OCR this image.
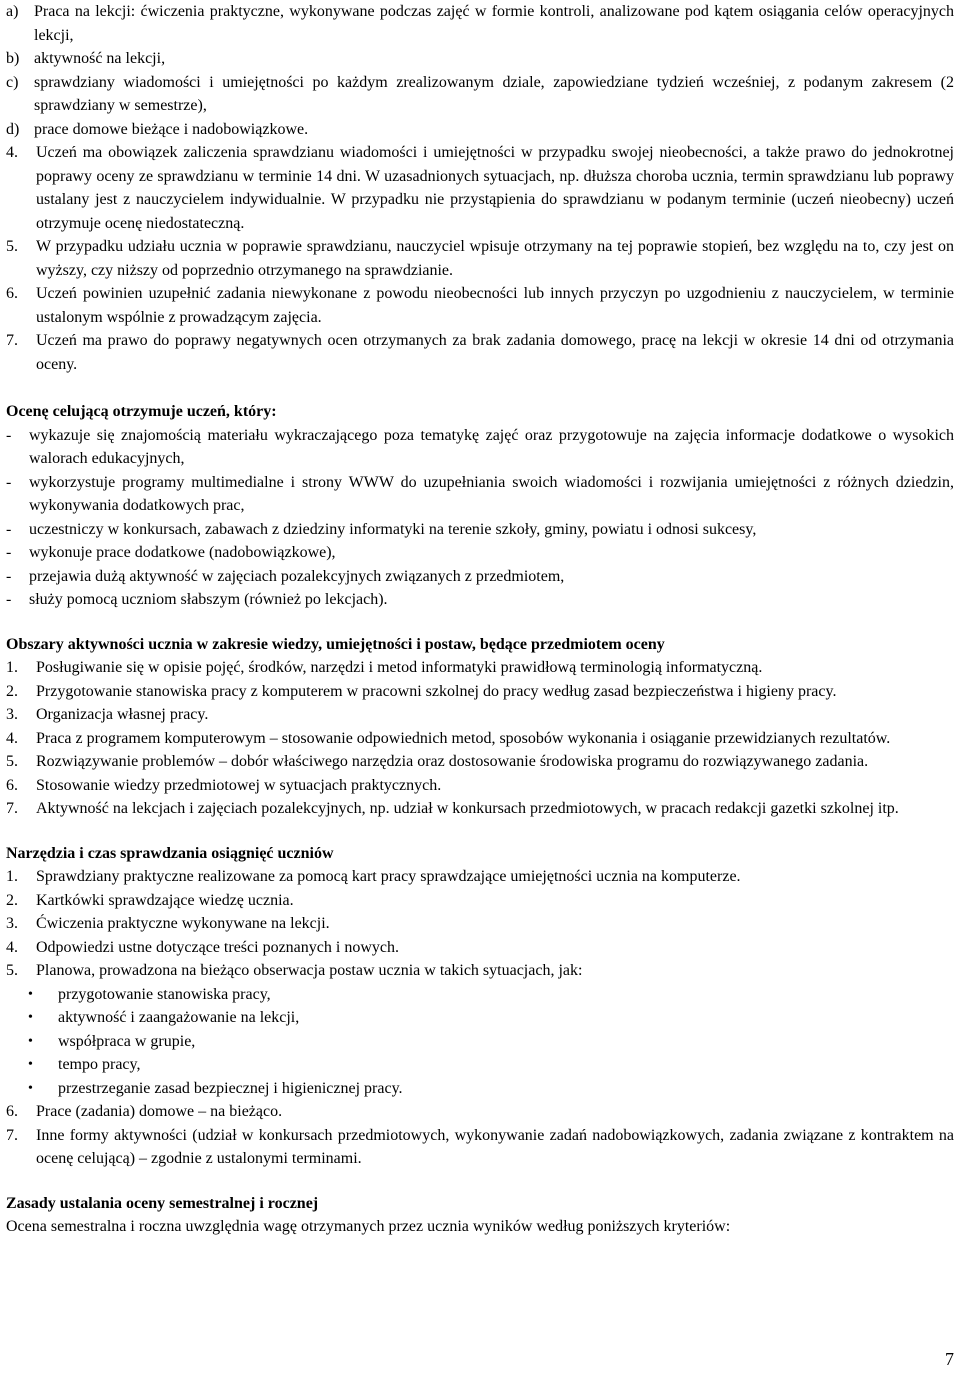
a) Praca na lekcji: ćwiczenia praktyczne, wykonywane podczas zajęć w formie kontroli, analizowane pod kątem osiągania celów operacyjnych lekcji,
b) aktywność na lekcji,
c) sprawdziany wiadomości i umiejętności po każdym zrealizowanym dziale, zapowiedziane tydzień wcześniej, z podanym zakresem (2 sprawdziany w semestrze),
d) prace domowe bieżące i nadobowiązkowe.
4.	Uczeń ma obowiązek zaliczenia sprawdzianu wiadomości i umiejętności w przypadku swojej nieobecności, a także prawo do jednokrotnej poprawy oceny ze sprawdzianu w terminie 14 dni. W uzasadnionych sytuacjach, np. dłuższa choroba ucznia, termin sprawdzianu lub poprawy ustalany jest z nauczycielem indywidualnie. W przypadku nie przystąpienia do sprawdzianu w podanym terminie (uczeń nieobecny) uczeń otrzymuje ocenę niedostateczną.
5.	W przypadku udziału ucznia w poprawie sprawdzianu, nauczyciel wpisuje otrzymany na tej poprawie stopień, bez względu na to, czy jest on wyższy, czy niższy od poprzednio otrzymanego na sprawdzianie.
6.	Uczeń powinien uzupełnić zadania niewykonane z powodu nieobecności lub innych przyczyn po uzgodnieniu z nauczycielem, w terminie ustalonym wspólnie z prowadzącym zajęcia.
7.	Uczeń ma prawo do poprawy negatywnych ocen otrzymanych za brak zadania domowego, pracę na lekcji w okresie 14 dni od otrzymania oceny.
Ocenę celującą otrzymuje uczeń, który:
-	wykazuje się znajomością materiału wykraczającego poza tematykę zajęć oraz przygotowuje na zajęcia informacje dodatkowe o wysokich walorach edukacyjnych,
-	wykorzystuje programy multimedialne i strony WWW do uzupełniania swoich wiadomości i rozwijania umiejętności z różnych dziedzin, wykonywania dodatkowych prac,
-	uczestniczy w konkursach, zabawach z dziedziny informatyki na terenie szkoły, gminy, powiatu i odnosi sukcesy,
-	wykonuje prace dodatkowe (nadobowiązkowe),
-	przejawia dużą aktywność w zajęciach pozalekcyjnych związanych z przedmiotem,
-	służy pomocą uczniom słabszym (również po lekcjach).
Obszary aktywności ucznia w zakresie wiedzy, umiejętności i postaw, będące przedmiotem oceny
1.	Posługiwanie się w opisie pojęć, środków, narzędzi i metod informatyki prawidłową terminologią informatyczną.
2.	Przygotowanie stanowiska pracy z komputerem w pracowni szkolnej do pracy według zasad bezpieczeństwa i higieny pracy.
3.	Organizacja własnej pracy.
4.	Praca z programem komputerowym – stosowanie odpowiednich metod, sposobów wykonania i osiąganie przewidzianych rezultatów.
5.	Rozwiązywanie problemów – dobór właściwego narzędzia oraz dostosowanie środowiska programu do rozwiązywanego zadania.
6.	Stosowanie wiedzy przedmiotowej w sytuacjach praktycznych.
7.	Aktywność na lekcjach i zajęciach pozalekcyjnych, np. udział w konkursach przedmiotowych, w pracach redakcji gazetki szkolnej itp.
Narzędzia i czas sprawdzania osiągnięć uczniów
1.	Sprawdziany praktyczne realizowane za pomocą kart pracy sprawdzające umiejętności ucznia na komputerze.
2.	Kartkówki sprawdzające wiedzę ucznia.
3.	Ćwiczenia praktyczne wykonywane na lekcji.
4.	Odpowiedzi ustne dotyczące treści poznanych i nowych.
5.	Planowa, prowadzona na bieżąco obserwacja postaw ucznia w takich sytuacjach, jak:
•	przygotowanie stanowiska pracy,
•	aktywność i zaangażowanie na lekcji,
•	współpraca w grupie,
•	tempo pracy,
•	przestrzeganie zasad bezpiecznej i higienicznej pracy.
6.	Prace (zadania) domowe – na bieżąco.
7.	Inne formy aktywności (udział w konkursach przedmiotowych, wykonywanie zadań nadobowiązkowych, zadania związane z kontraktem na ocenę celującą) – zgodnie z ustalonymi terminami.
Zasady ustalania oceny semestralnej i rocznej
Ocena semestralna i roczna uwzględnia wagę otrzymanych przez ucznia wyników według poniższych kryteriów:
7
